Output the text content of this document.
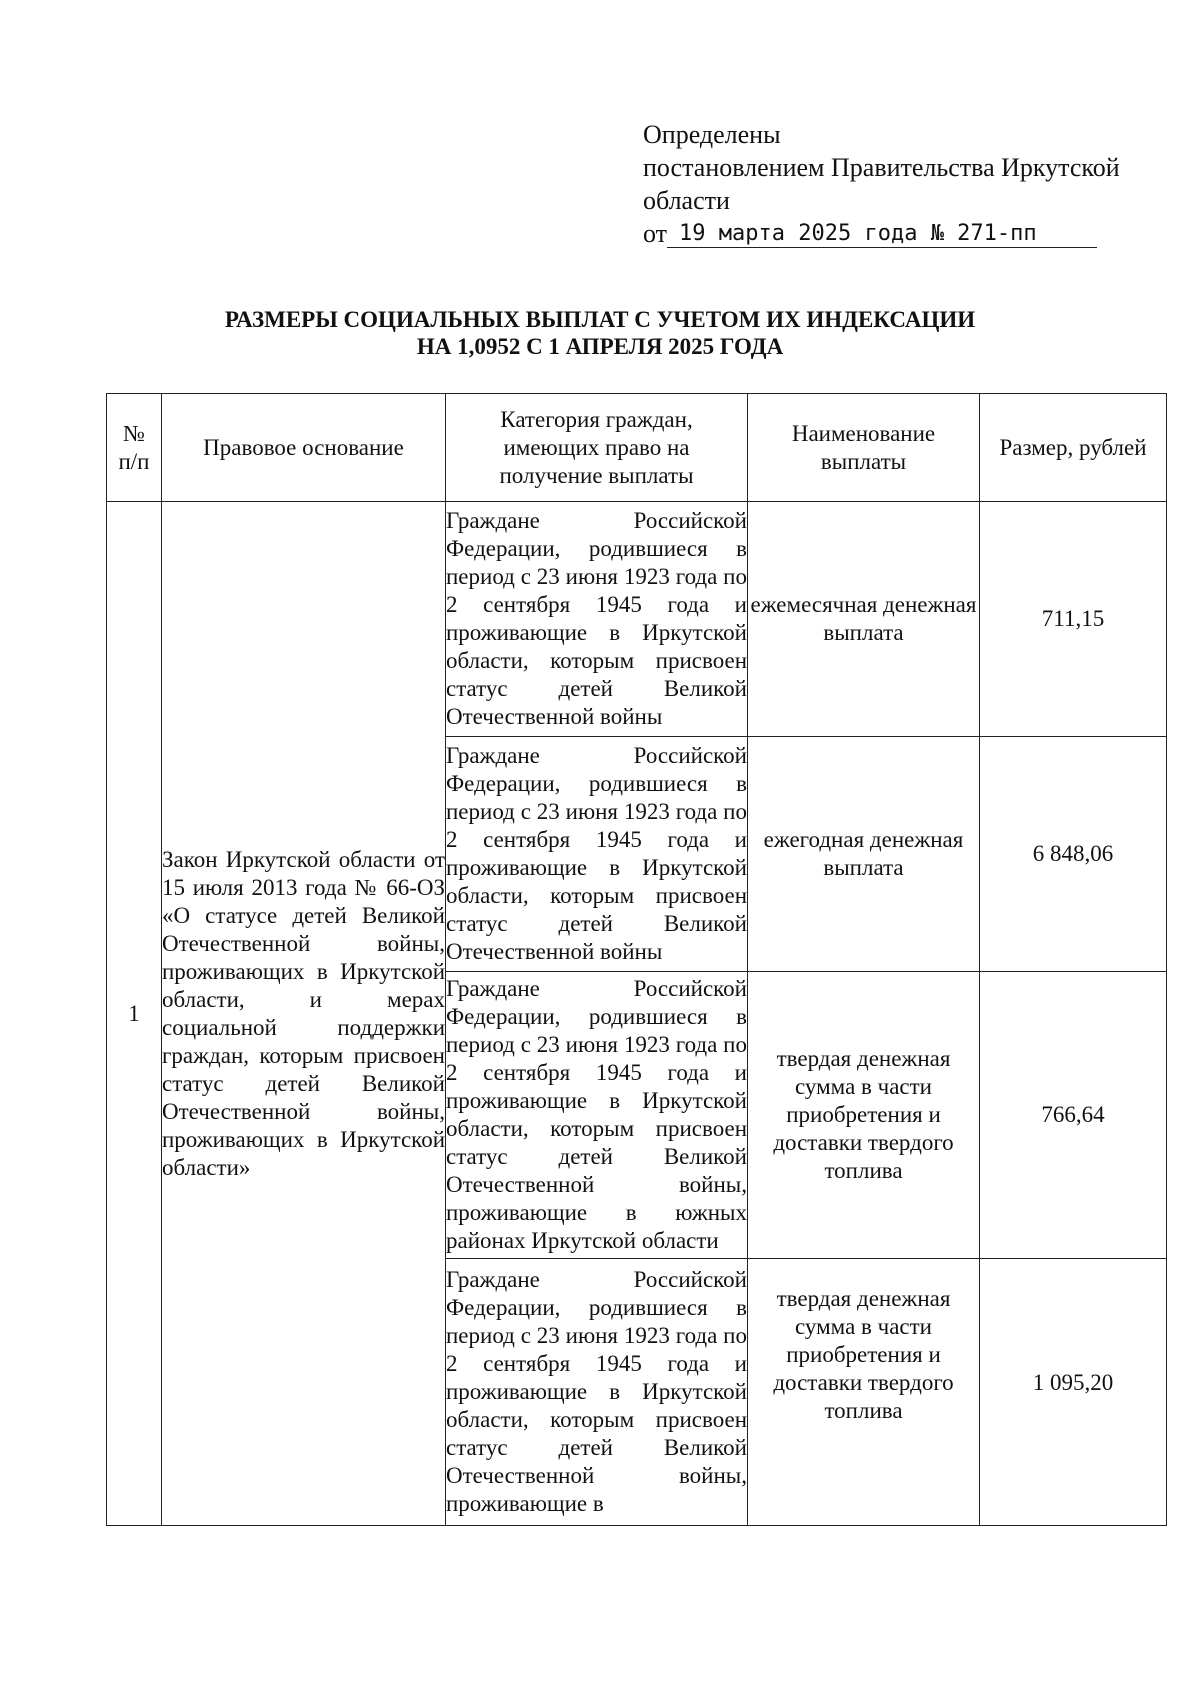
Определены
постановлением Правительства Иркутской
области
от 19 марта 2025 года № 271-пп
РАЗМЕРЫ СОЦИАЛЬНЫХ ВЫПЛАТ С УЧЕТОМ ИХ ИНДЕКСАЦИИ
НА 1,0952 С 1 АПРЕЛЯ 2025 ГОДА
№ п/п	Правовое основание	Категория граждан, имеющих право на получение выплаты	Наименование выплаты	Размер, рублей
1	Закон Иркутской области от 15 июля 2013 года № 66-ОЗ «О статусе детей Великой Отечественной войны, проживающих в Иркутской области, и мерах социальной поддержки граждан, которым присвоен статус детей Великой Отечественной войны, проживающих в Иркутской области»	Граждане Российской Федерации, родившиеся в период с 23 июня 1923 года по 2 сентября 1945 года и проживающие в Иркутской области, которым присвоен статус детей Великой Отечественной войны	ежемесячная денежная выплата	711,15
		Граждане Российской Федерации, родившиеся в период с 23 июня 1923 года по 2 сентября 1945 года и проживающие в Иркутской области, которым присвоен статус детей Великой Отечественной войны	ежегодная денежная выплата	6 848,06
		Граждане Российской Федерации, родившиеся в период с 23 июня 1923 года по 2 сентября 1945 года и проживающие в Иркутской области, которым присвоен статус детей Великой Отечественной войны, проживающие в южных районах Иркутской области	твердая денежная сумма в части приобретения и доставки твердого топлива	766,64
		Граждане Российской Федерации, родившиеся в период с 23 июня 1923 года по 2 сентября 1945 года и проживающие в Иркутской области, которым присвоен статус детей Великой Отечественной войны, проживающие в	твердая денежная сумма в части приобретения и доставки твердого топлива	1 095,20
